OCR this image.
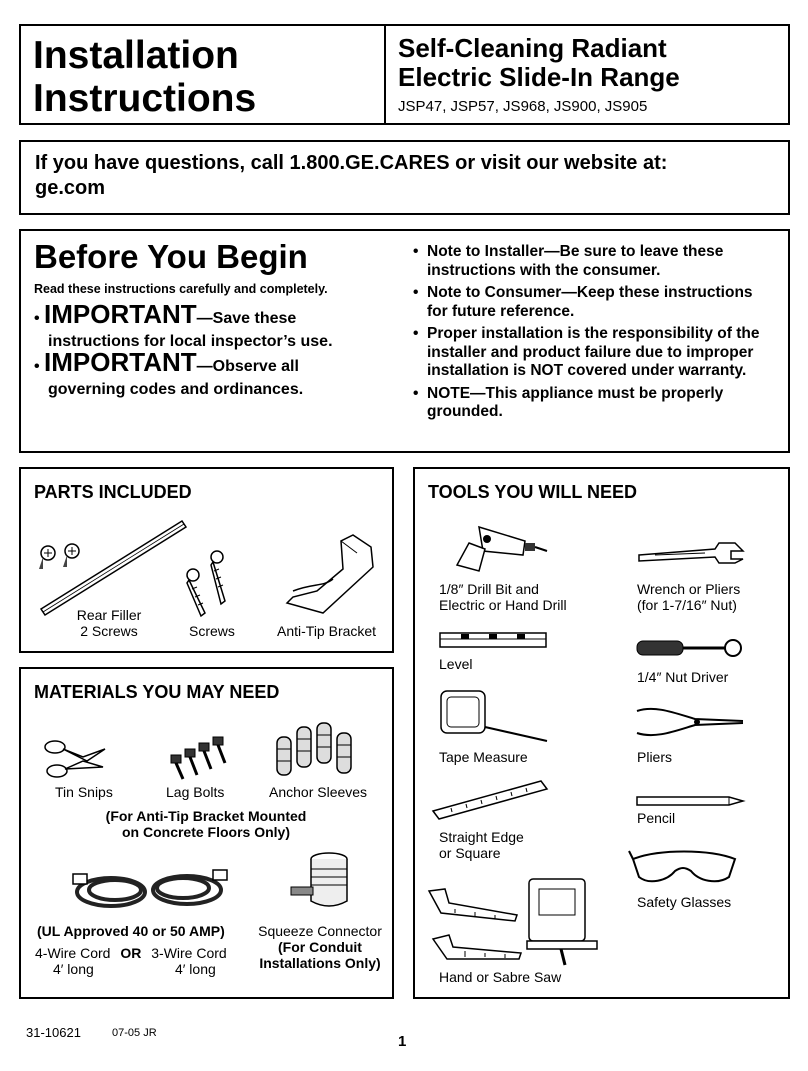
Installation
Instructions
Self-Cleaning Radiant
Electric Slide-In Range
JSP47, JSP57, JS968, JS900, JS905
If you have questions, call 1.800.GE.CARES or visit our website at:
ge.com
Before You Begin
Read these instructions carefully and completely.
• IMPORTANT—Save these
instructions for local inspector’s use.
• IMPORTANT—Observe all
governing codes and ordinances.
• Note to Installer—Be sure to leave these instructions with the consumer.
• Note to Consumer—Keep these instructions for future reference.
• Proper installation is the responsibility of the installer and product failure due to improper installation is NOT covered under warranty.
• NOTE—This appliance must be properly grounded.
PARTS INCLUDED
Rear Filler
2 Screws	Screws	Anti-Tip Bracket
MATERIALS YOU MAY NEED
Tin Snips	Lag Bolts	Anchor Sleeves
(For Anti-Tip Bracket Mounted
on Concrete Floors Only)
(UL Approved 40 or 50 AMP)
4-Wire Cord OR 3-Wire Cord
4′ long	4′ long
Squeeze Connector
(For Conduit
Installations Only)
TOOLS YOU WILL NEED
1/8″ Drill Bit and
Electric or Hand Drill
Wrench or Pliers
(for 1-7/16″ Nut)
Level
1/4″ Nut Driver
Tape Measure	Pliers
Straight Edge
or Square
Pencil
Safety Glasses
Hand or Sabre Saw
31-10621	07-05 JR	1
